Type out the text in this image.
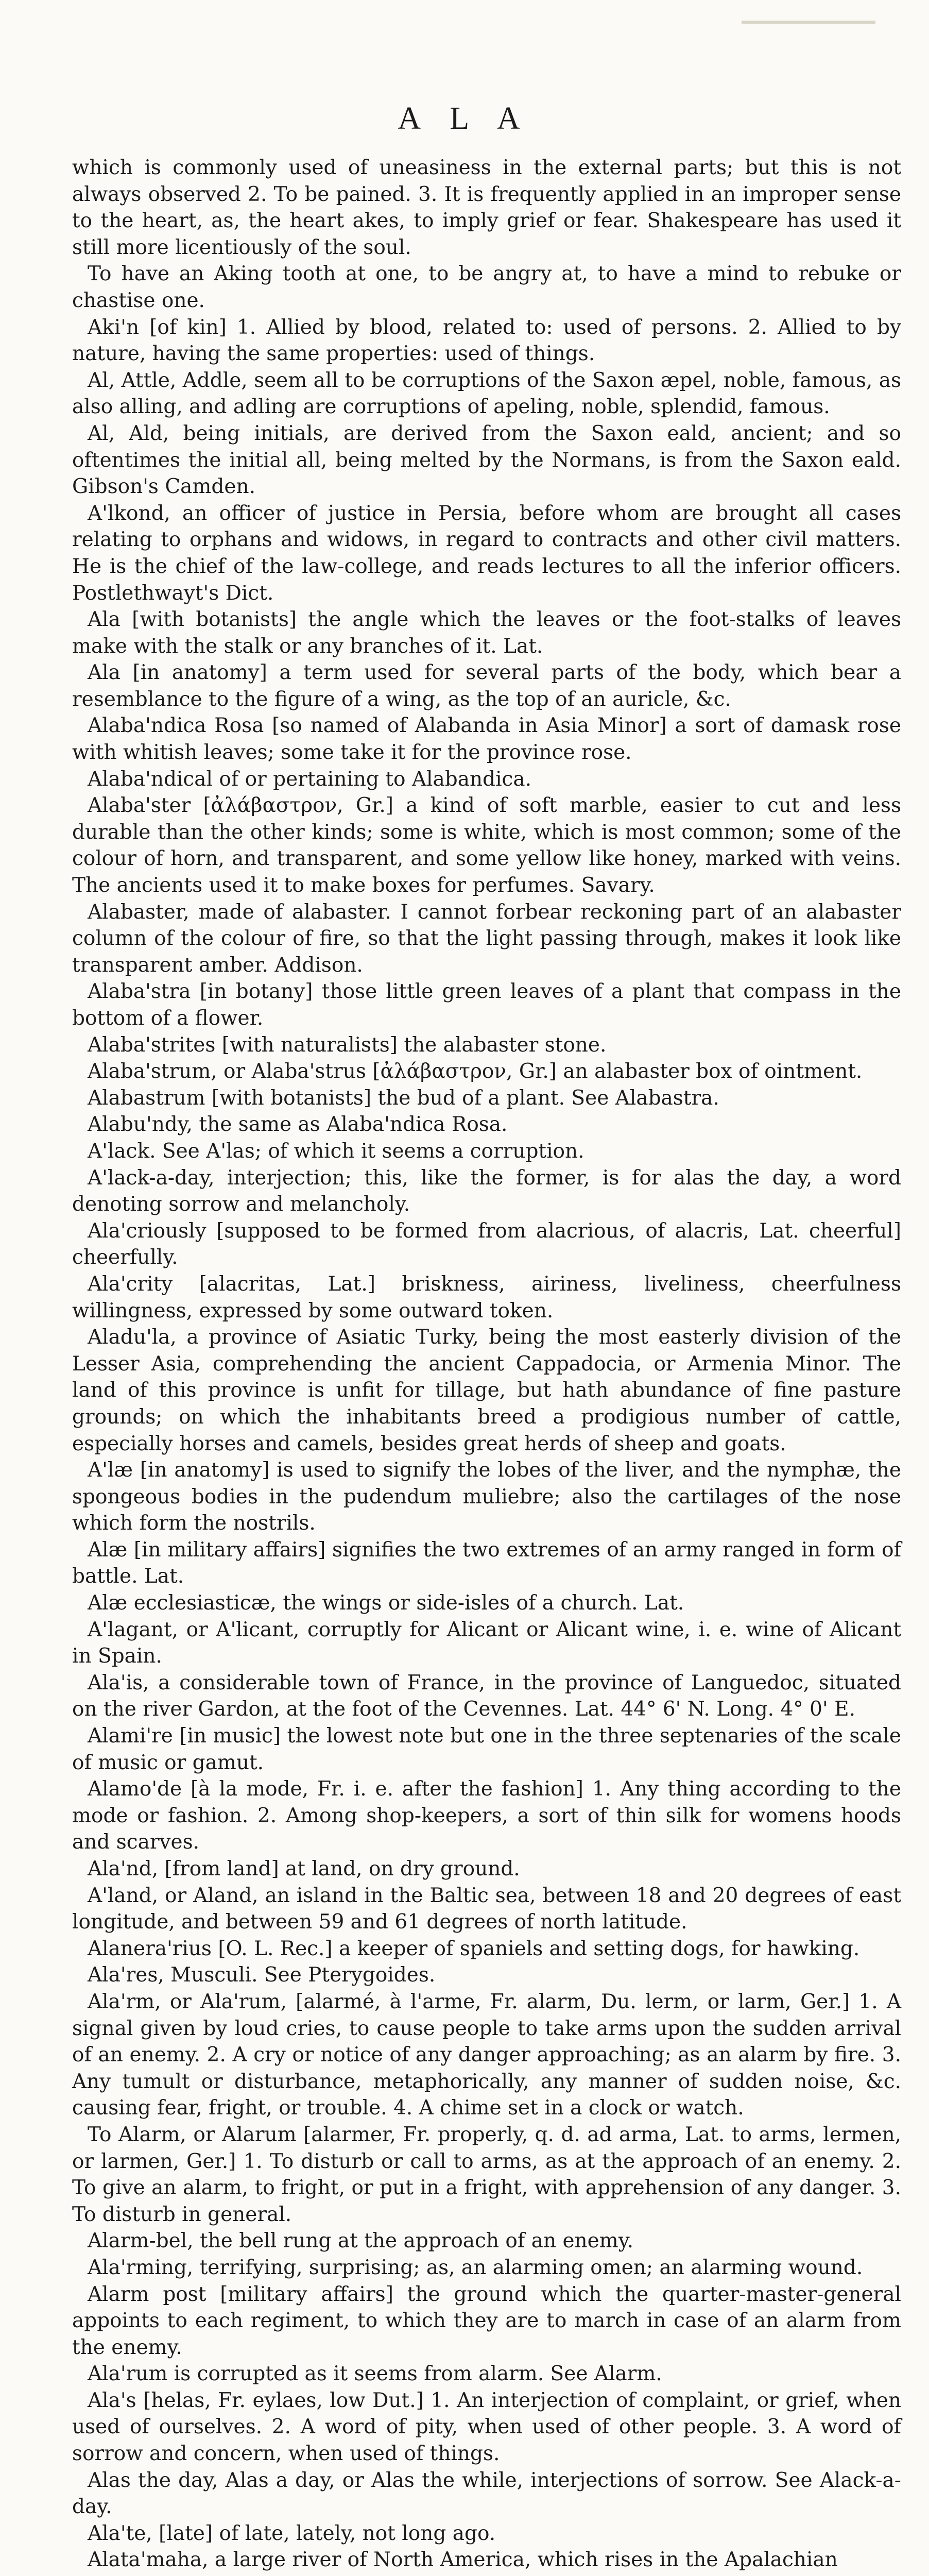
A L A

which is commonly used of uneasiness in the external parts; but this is not always observed 2. To be pained. 3. It is frequently applied in an improper sense to the heart, as, the heart akes, to imply grief or fear. Shakespeare has used it still more licentiously of the soul.

To have an Aking tooth at one, to be angry at, to have a mind to rebuke or chastise one.

Aki'n [of kin] 1. Allied by blood, related to: used of persons. 2. Allied to by nature, having the same properties: used of things.

Al, Attle, Addle, seem all to be corruptions of the Saxon æpel, noble, famous, as also alling, and adling are corruptions of apeling, noble, splendid, famous.

Al, Ald, being initials, are derived from the Saxon eald, ancient; and so oftentimes the initial all, being melted by the Normans, is from the Saxon eald. Gibson's Camden.

A'lkond, an officer of justice in Persia, before whom are brought all cases relating to orphans and widows, in regard to contracts and other civil matters. He is the chief of the law-college, and reads lectures to all the inferior officers. Postlethwayt's Dict.

Ala [with botanists] the angle which the leaves or the foot-stalks of leaves make with the stalk or any branches of it. Lat.

Ala [in anatomy] a term used for several parts of the body, which bear a resemblance to the figure of a wing, as the top of an auricle, &c.

Alaba'ndica Rosa [so named of Alabanda in Asia Minor] a sort of damask rose with whitish leaves; some take it for the province rose.

Alaba'ndical of or pertaining to Alabandica.

Alaba'ster [ἀλάβαστρον, Gr.] a kind of soft marble, easier to cut and less durable than the other kinds; some is white, which is most common; some of the colour of horn, and transparent, and some yellow like honey, marked with veins. The ancients used it to make boxes for perfumes. Savary.

Alabaster, made of alabaster. I cannot forbear reckoning part of an alabaster column of the colour of fire, so that the light passing through, makes it look like transparent amber. Addison.

Alaba'stra [in botany] those little green leaves of a plant that compass in the bottom of a flower.

Alaba'strites [with naturalists] the alabaster stone.

Alaba'strum, or Alaba'strus [ἀλάβαστρον, Gr.] an alabaster box of ointment.

Alabastrum [with botanists] the bud of a plant. See Alabastra.

Alabu'ndy, the same as Alaba'ndica Rosa.

A'lack. See A'las; of which it seems a corruption.

A'lack-a-day, interjection; this, like the former, is for alas the day, a word denoting sorrow and melancholy.

Ala'criously [supposed to be formed from alacrious, of alacris, Lat. cheerful] cheerfully.

Ala'crity [alacritas, Lat.] briskness, airiness, liveliness, cheerfulness willingness, expressed by some outward token.

Aladu'la, a province of Asiatic Turky, being the most easterly division of the Lesser Asia, comprehending the ancient Cappadocia, or Armenia Minor. The land of this province is unfit for tillage, but hath abundance of fine pasture grounds; on which the inhabitants breed a prodigious number of cattle, especially horses and camels, besides great herds of sheep and goats.

A'læ [in anatomy] is used to signify the lobes of the liver, and the nymphæ, the spongeous bodies in the pudendum muliebre; also the cartilages of the nose which form the nostrils.

Alæ [in military affairs] signifies the two extremes of an army ranged in form of battle. Lat.

Alæ ecclesiasticæ, the wings or side-isles of a church. Lat.

A'lagant, or A'licant, corruptly for Alicant or Alicant wine, i. e. wine of Alicant in Spain.

Ala'is, a considerable town of France, in the province of Languedoc, situated on the river Gardon, at the foot of the Cevennes. Lat. 44° 6' N. Long. 4° 0' E.

Alami're [in music] the lowest note but one in the three septenaries of the scale of music or gamut.

Alamo'de [à la mode, Fr. i. e. after the fashion] 1. Any thing according to the mode or fashion. 2. Among shop-keepers, a sort of thin silk for womens hoods and scarves.

Ala'nd, [from land] at land, on dry ground.

A'land, or Aland, an island in the Baltic sea, between 18 and 20 degrees of east longitude, and between 59 and 61 degrees of north latitude.

Alanera'rius [O. L. Rec.] a keeper of spaniels and setting dogs, for hawking.

Ala'res, Musculi. See Pterygoides.

Ala'rm, or Ala'rum, [alarmé, à l'arme, Fr. alarm, Du. lerm, or larm, Ger.] 1. A signal given by loud cries, to cause people to take arms upon the sudden arrival of an enemy. 2. A cry or notice of any danger approaching; as an alarm by fire. 3. Any tumult or disturbance, metaphorically, any manner of sudden noise, &c. causing fear, fright, or trouble. 4. A chime set in a clock or watch.

To Alarm, or Alarum [alarmer, Fr. properly, q. d. ad arma, Lat. to arms, lermen, or larmen, Ger.] 1. To disturb or call to arms, as at the approach of an enemy. 2. To give an alarm, to fright, or put in a fright, with apprehension of any danger. 3. To disturb in general.

Alarm-bel, the bell rung at the approach of an enemy.

Ala'rming, terrifying, surprising; as, an alarming omen; an alarming wound.

Alarm post [military affairs] the ground which the quarter-master-general appoints to each regiment, to which they are to march in case of an alarm from the enemy.

Ala'rum is corrupted as it seems from alarm. See Alarm.

Ala's [helas, Fr. eylaes, low Dut.] 1. An interjection of complaint, or grief, when used of ourselves. 2. A word of pity, when used of other people. 3. A word of sorrow and concern, when used of things.

Alas the day, Alas a day, or Alas the while, interjections of sorrow. See Alack-a-day.

Ala'te, [late] of late, lately, not long ago.

Alata'maha, a large river of North America, which rises in the Apalachian
